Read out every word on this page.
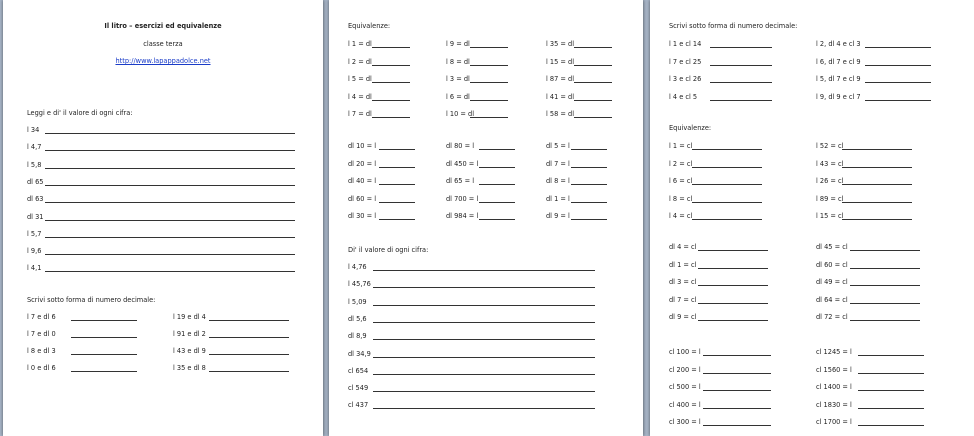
Il litro – esercizi ed equivalenze
classe terza
http://www.lapappadolce.net
Leggi e di' il valore di ogni cifra:
l 34
l 4,7
l 5,8
dl 65
dl 63
dl 31
l 5,7
l 9,6
l 4,1
Scrivi sotto forma di numero decimale:
l 7 e dl 6
l 7 e dl 0
l 8 e dl 3
l 0 e dl 6
l 19 e dl 4
l 91 e dl 2
l 43 e dl 9
l 35 e dl 8
Equivalenze:
l 1 = dl
l 2 = dl
l 5 = dl
l 4 = dl
l 7 = dl
l 9 = dl
l 8 = dl
l 3 = dl
l 6 = dl
l 10 = dl
l 35 = dl
l 15 = dl
l 87 = dl
l 41 = dl
l 58 = dl
dl 10 = l
dl 20 = l
dl 40 = l
dl 60 = l
dl 30 = l
dl 80 = l
dl 450 = l
dl 65 = l
dl 700 = l
dl 984 = l
dl 5 = l
dl 7 = l
dl 8 = l
dl 1 = l
dl 9 = l
Di' il valore di ogni cifra:
l 4,76
l 45,76
l 5,09
dl 5,6
dl 8,9
dl 34,9
cl 654
cl 549
cl 437
Scrivi sotto forma di numero decimale:
l 1 e cl 14
l 7 e cl 25
l 3 e cl 26
l 4 e cl 5
l 2, dl 4 e cl 3
l 6, dl 7 e cl 9
l 5, dl 7 e cl 9
l 9, dl 9 e cl 7
Equivalenze:
l 1 = cl
l 2 = cl
l 6 = cl
l 8 = cl
l 4 = cl
l 52 = cl
l 43 = cl
l 26 = cl
l 89 = cl
l 15 = cl
dl 4 = cl
dl 1 = cl
dl 3 = cl
dl 7 = cl
dl 9 = cl
dl 45 = cl
dl 60 = cl
dl 49 = cl
dl 64 = cl
dl 72 = cl
cl 100 = l
cl 200 = l
cl 500 = l
cl 400 = l
cl 300 = l
cl 1245 = l
cl 1560 = l
cl 1400 = l
cl 1830 = l
cl 1700 = l
